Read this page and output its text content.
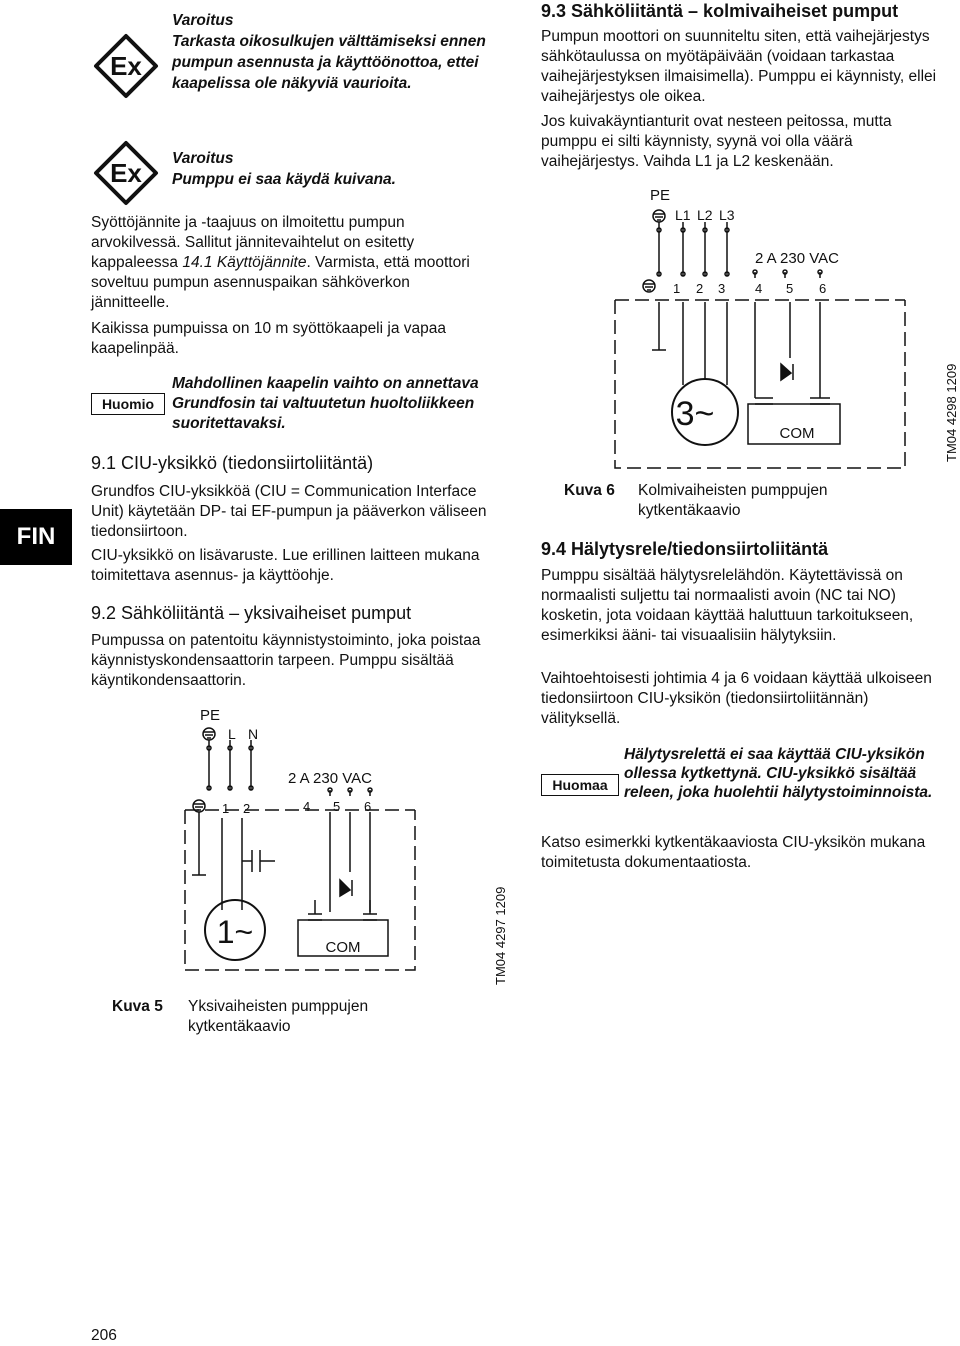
FIN
Ex

Varoitus

Tarkasta oikosulkujen välttämiseksi ennen pumpun asennusta ja käyttöönottoa, ettei kaapelissa ole näkyviä vaurioita.

Ex Varoitus

Pumppu ei saa käydä kuivana.

Syöttöjännite ja -taajuus on ilmoitettu pumpun arvokilvessä. Sallitut jännitevaihtelut on esitetty kappaleessa 14.1 Käyttöjännite. Varmista, että moottori soveltuu pumpun asennuspaikan sähköverkon jännitteelle.

Kaikissa pumpuissa on 10 m syöttökaapeli ja vapaa kaapelinpää.

Huomio

Mahdollinen kaapelin vaihto on annettava Grundfosin tai valtuutetun huoltoliikkeen suoritettavaksi.

9.1 CIU-yksikkö (tiedonsiirtoliitäntä)

Grundfos CIU-yksikköä (CIU = Communication Interface Unit) käytetään DP- tai EF-pumpun ja pääverkon väliseen tiedonsiirtoon.

CIU-yksikkö on lisävaruste. Lue erillinen laitteen mukana toimitettava asennus- ja käyttöohje.

9.2 Sähköliitäntä – yksivaiheiset pumput

Pumpussa on patentoitu käynnistystoiminto, joka poistaa käynnistyskondensaattorin tarpeen. Pumppu sisältää käyntikondensaattorin.

PE
L N
2 A 230 VAC
1 2	4 5 6
1~	COM	TM04 4297 1209

Kuva 5 Yksivaiheisten pumppujen kytkentäkaavio

9.3 Sähköliitäntä – kolmivaiheiset pumput

Pumpun moottori on suunniteltu siten, että vaihejärjestys sähkötaulussa on myötäpäivään (voidaan tarkastaa vaihejärjestyksen ilmaisimella). Pumppu ei käynnisty, ellei vaihejärjestys ole oikea.

Jos kuivakäyntianturit ovat nesteen peitossa, mutta pumppu ei silti käynnisty, syynä voi olla väärä vaihejärjestys. Vaihda L1 ja L2 keskenään.

PE
L1 L2 L3
2 A 230 VAC
1 2 3 4 5 6
3~
COM	TM04 4298 1209

Kuva 6 Kolmivaiheisten pumppujen kytkentäkaavio

9.4 Hälytysrele/tiedonsiirtoliitäntä

Pumppu sisältää hälytysrelelähdön. Käytettävissä on normaalisti suljettu tai normaalisti avoin (NC tai NO) kosketin, jota voidaan käyttää haluttuun tarkoitukseen, esimerkiksi ääni- tai visuaalisiin hälytyksiin.

Vaihtoehtoisesti johtimia 4 ja 6 voidaan käyttää ulkoiseen tiedonsiirtoon CIU-yksikön (tiedonsiirtoliitännän) välityksellä.

Huomaa

Hälytysrelettä ei saa käyttää CIU-yksikön ollessa kytkettynä. CIU-yksikkö sisältää releen, joka huolehtii hälytystoiminnoista.

Katso esimerkki kytkentäkaaviosta CIU-yksikön mukana toimitetusta dokumentaatiosta.

206
